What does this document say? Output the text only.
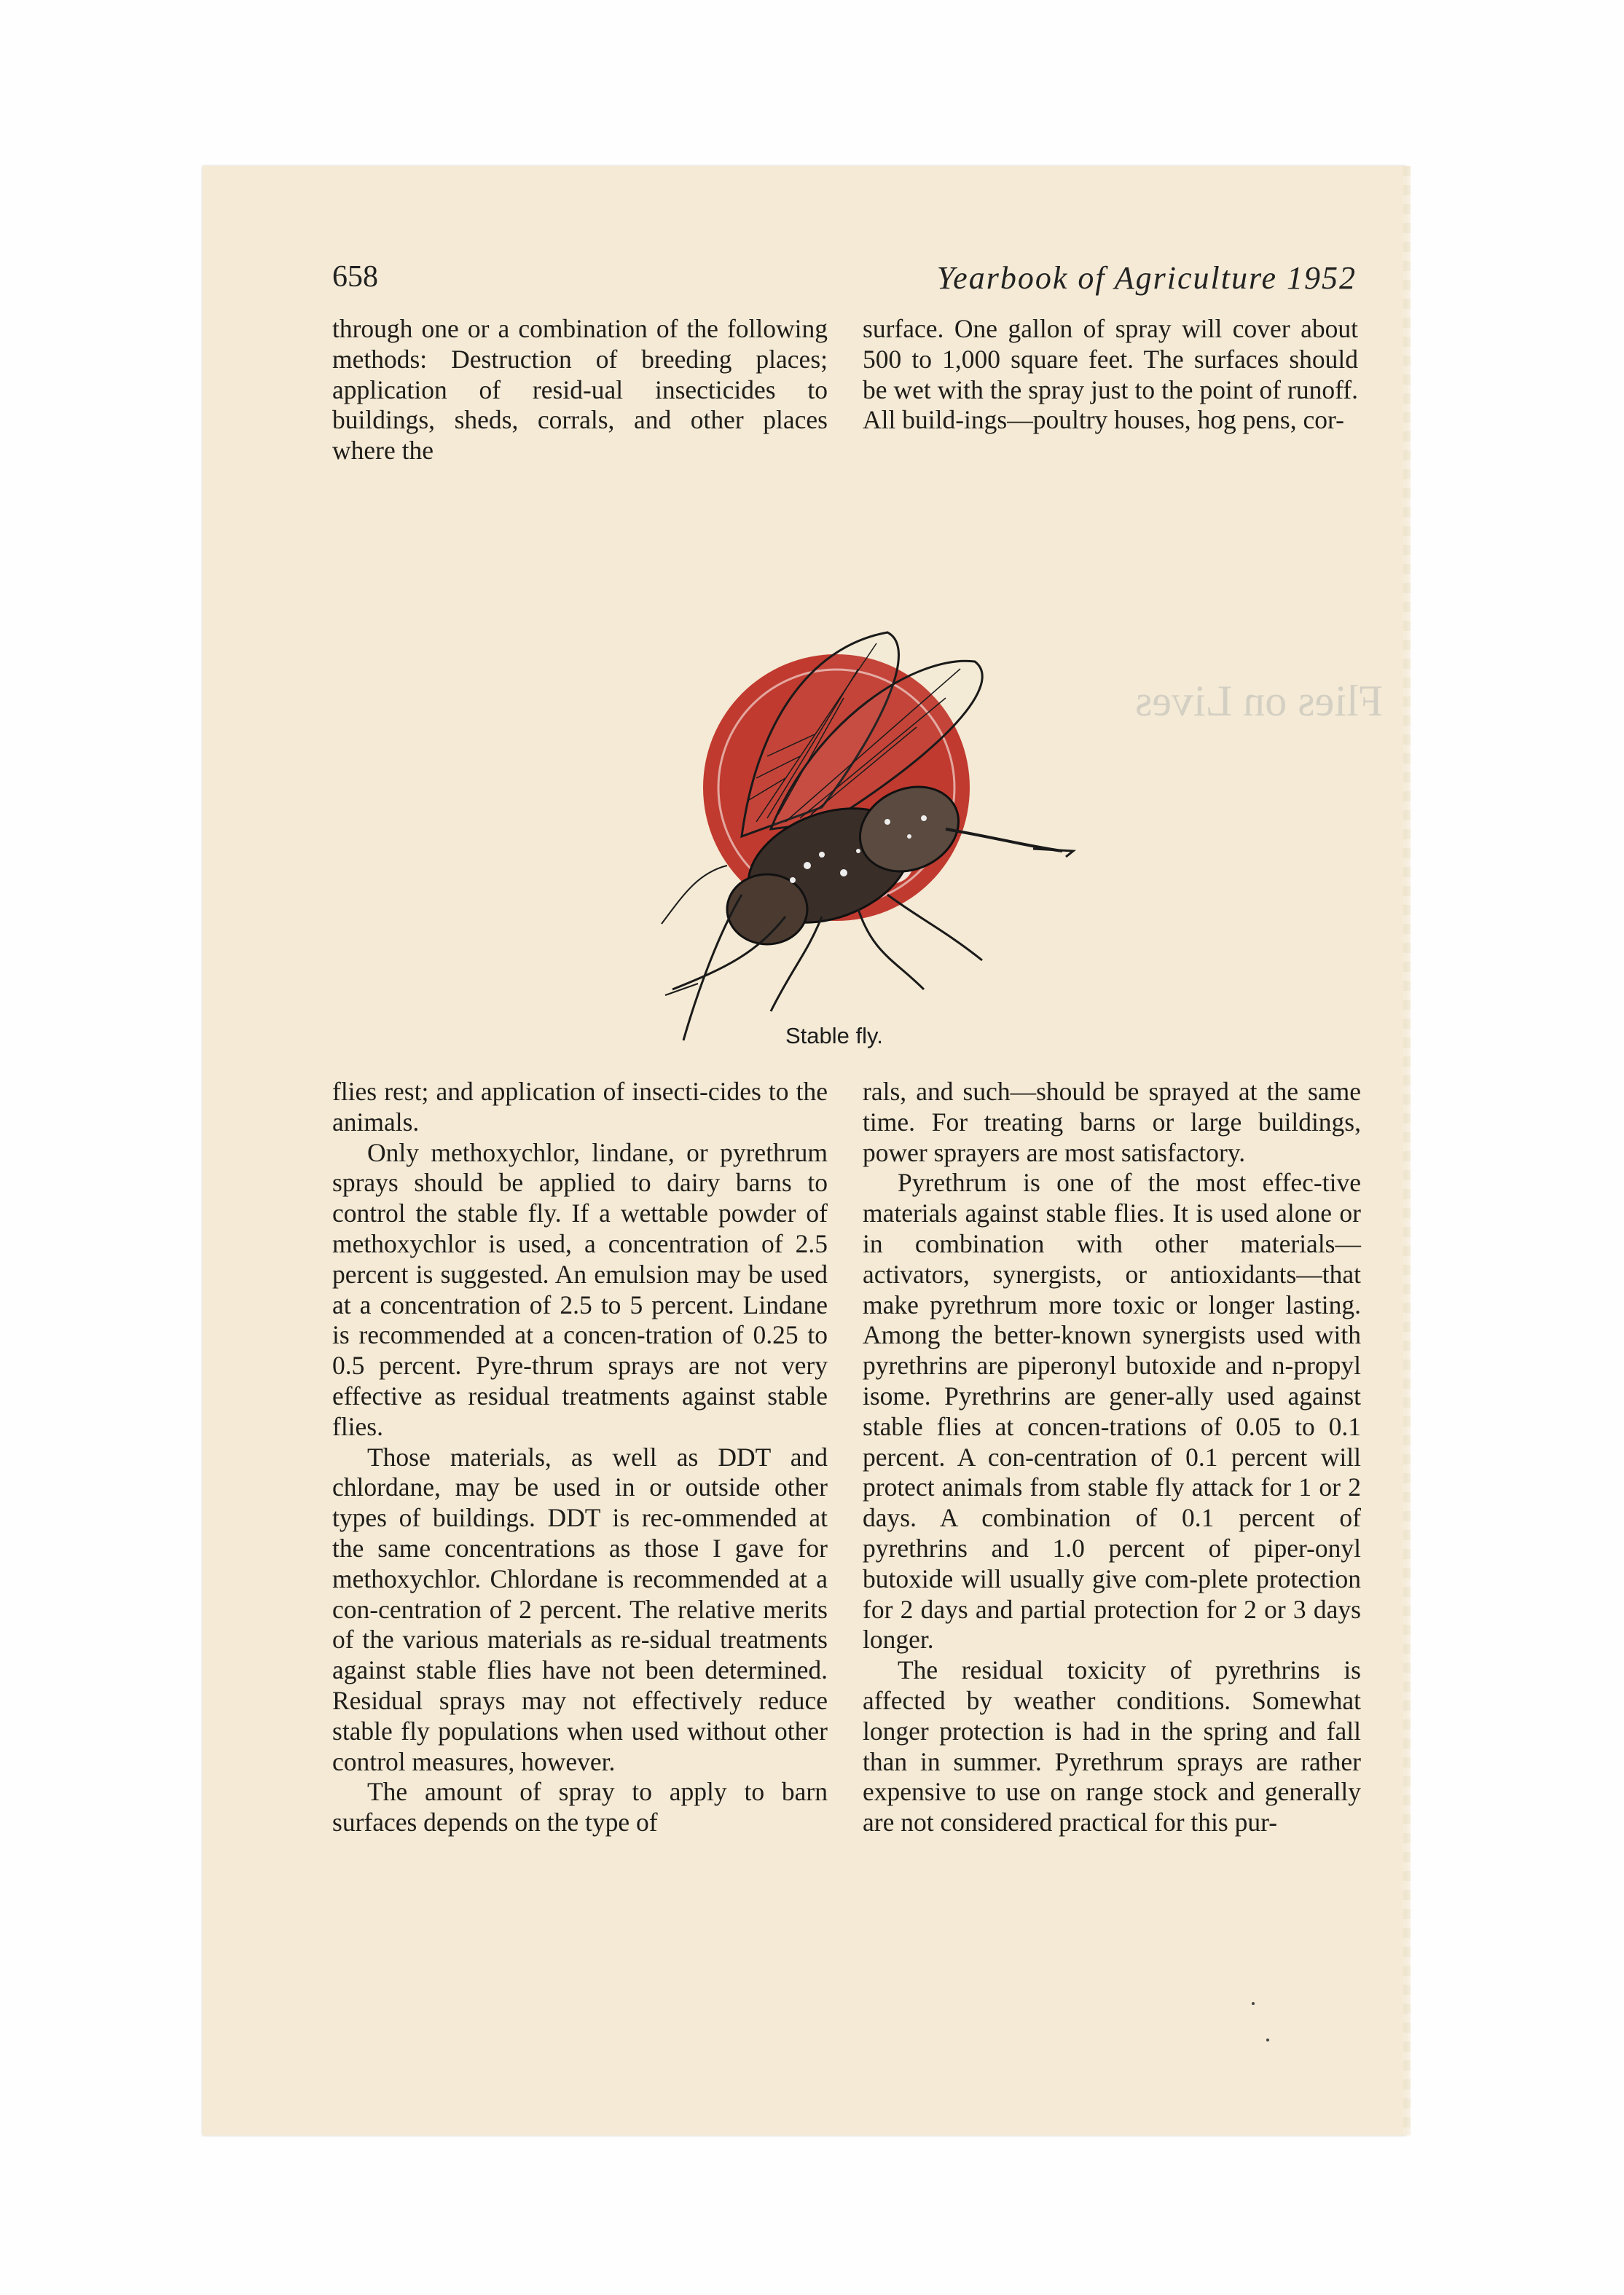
Flies on Lives
658	Yearbook of Agriculture 1952

through one or a combination of the following methods: Destruction of breeding places; application of resid-ual insecticides to buildings, sheds, corrals, and other places where the

surface. One gallon of spray will cover about 500 to 1,000 square feet. The surfaces should be wet with the spray just to the point of runoff. All build-ings—poultry houses, hog pens, cor-

Stable fly.

flies rest; and application of insecti-cides to the animals.

Only methoxychlor, lindane, or pyrethrum sprays should be applied to dairy barns to control the stable fly. If a wettable powder of methoxychlor is used, a concentration of 2.5 percent is suggested. An emulsion may be used at a concentration of 2.5 to 5 percent. Lindane is recommended at a concen-tration of 0.25 to 0.5 percent. Pyre-thrum sprays are not very effective as residual treatments against stable flies.

Those materials, as well as DDT and chlordane, may be used in or outside other types of buildings. DDT is rec-ommended at the same concentrations as those I gave for methoxychlor. Chlordane is recommended at a con-centration of 2 percent. The relative merits of the various materials as re-sidual treatments against stable flies have not been determined. Residual sprays may not effectively reduce stable fly populations when used without other control measures, however.

The amount of spray to apply to barn surfaces depends on the type of

rals, and such—should be sprayed at the same time. For treating barns or large buildings, power sprayers are most satisfactory.

Pyrethrum is one of the most effec-tive materials against stable flies. It is used alone or in combination with other materials—activators, synergists, or antioxidants—that make pyrethrum more toxic or longer lasting. Among the better-known synergists used with pyrethrins are piperonyl butoxide and n-propyl isome. Pyrethrins are gener-ally used against stable flies at concen-trations of 0.05 to 0.1 percent. A con-centration of 0.1 percent will protect animals from stable fly attack for 1 or 2 days. A combination of 0.1 percent of pyrethrins and 1.0 percent of piper-onyl butoxide will usually give com-plete protection for 2 days and partial protection for 2 or 3 days longer.

The residual toxicity of pyrethrins is affected by weather conditions. Somewhat longer protection is had in the spring and fall than in summer. Pyrethrum sprays are rather expensive to use on range stock and generally are not considered practical for this pur-
